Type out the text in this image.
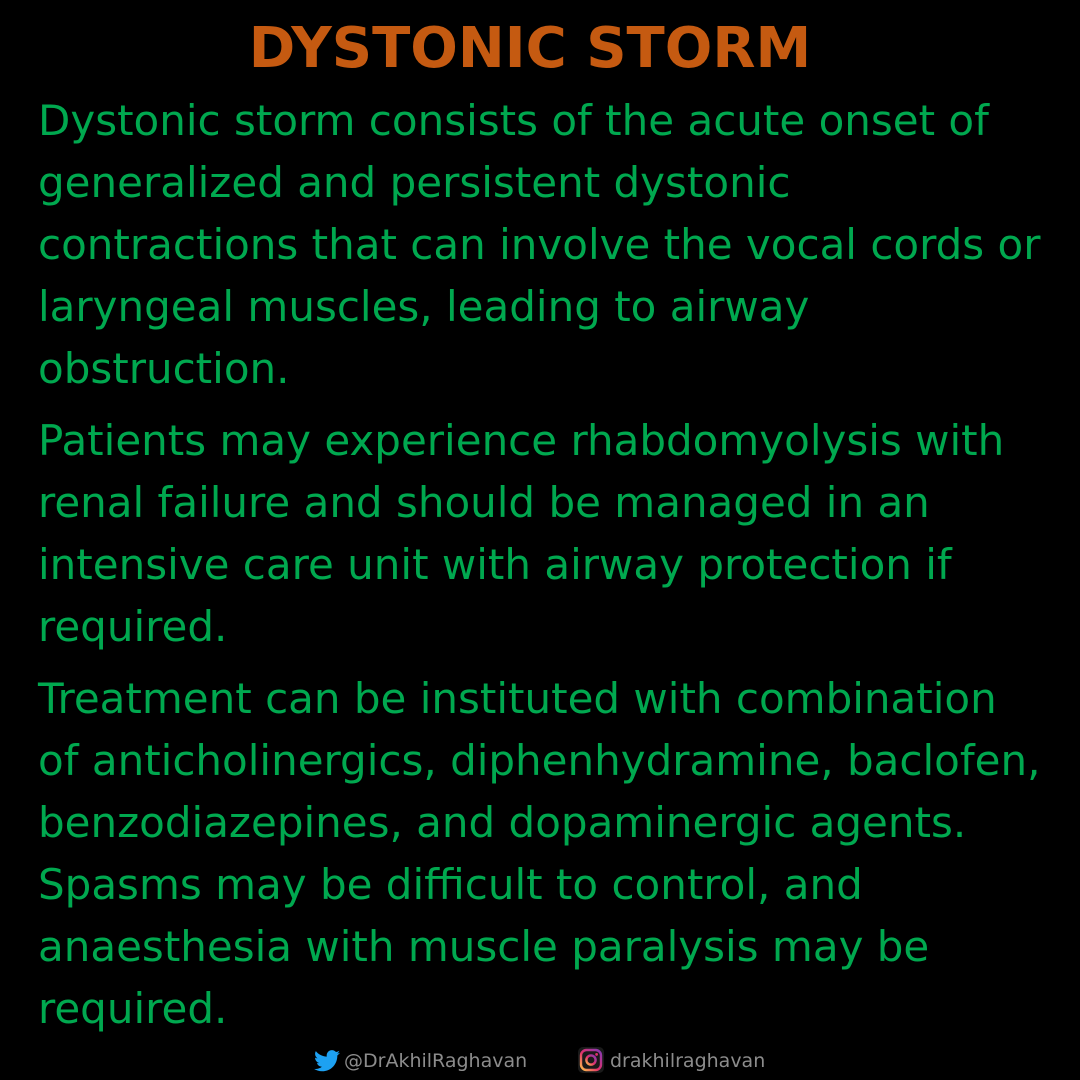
DYSTONIC STORM
Dystonic storm consists of the acute onset of
generalized and persistent dystonic
contractions that can involve the vocal cords or
laryngeal muscles, leading to airway
obstruction.
Patients may experience rhabdomyolysis with
renal failure and should be managed in an
intensive care unit with airway protection if
required.
Treatment can be instituted with combination
of anticholinergics, diphenhydramine, baclofen,
benzodiazepines, and dopaminergic agents.
Spasms may be difficult to control, and
anaesthesia with muscle paralysis may be
required.
@DrAkhilRaghavan	drakhilraghavan
